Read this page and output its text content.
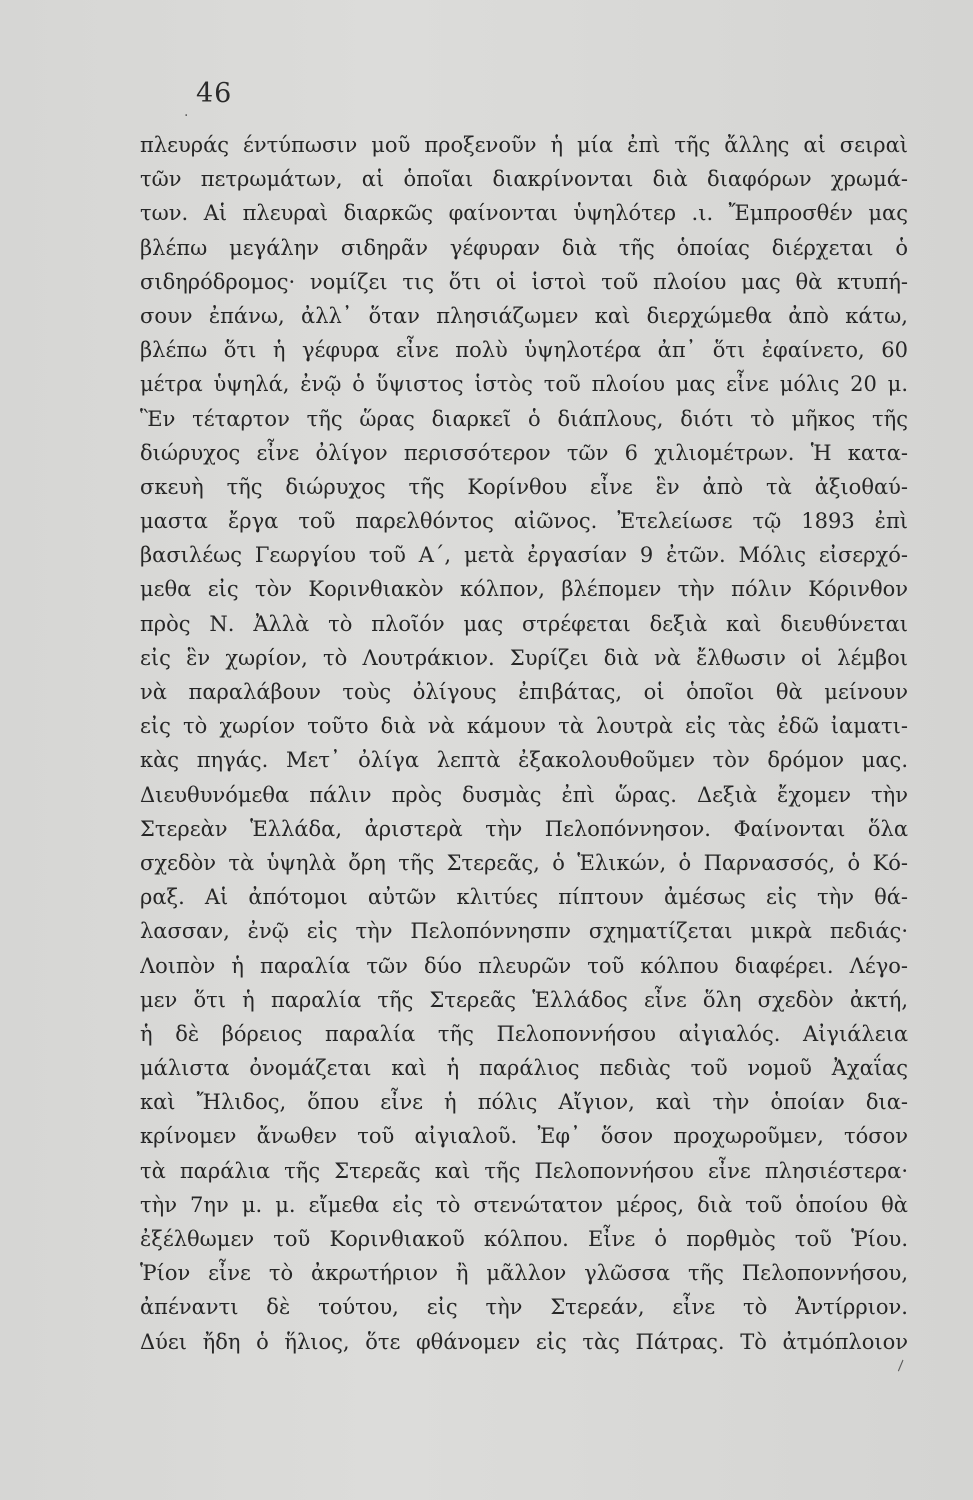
46
πλευράς έντύπωσιν μοῦ προξενοῦν ἡ μία ἐπὶ τῆς ἄλλης αἱ σειραὶ
τῶν πετρωμάτων, αἱ ὁποῖαι διακρίνονται διὰ διαφόρων χρωμά-
των. Αἱ πλευραὶ διαρκῶς φαίνονται ὑψηλότερ .ι. Ἔμπροσθέν μας
βλέπω μεγάλην σιδηρᾶν γέφυραν διὰ τῆς ὁποίας διέρχεται ὁ
σιδηρόδρομος· νομίζει τις ὅτι οἱ ἱστοὶ τοῦ πλοίου μας θὰ κτυπή-
σουν ἐπάνω, ἀλλ᾽ ὅταν πλησιάζωμεν καὶ διερχώμεθα ἀπὸ κάτω,
βλέπω ὅτι ἡ γέφυρα εἶνε πολὺ ὑψηλοτέρα ἀπ᾽ ὅτι ἐφαίνετο, 60
μέτρα ὑψηλά, ἐνῷ ὁ ὕψιστος ἱστὸς τοῦ πλοίου μας εἶνε μόλις 20 μ.
Ἓν τέταρτον τῆς ὥρας διαρκεῖ ὁ διάπλους, διότι τὸ μῆκος τῆς
διώρυχος εἶνε ὀλίγον περισσότερον τῶν 6 χιλιομέτρων. Ἡ κατα-
σκευὴ τῆς διώρυχος τῆς Κορίνθου εἶνε ἓν ἀπὸ τὰ ἀξιοθαύ-
μαστα ἔργα τοῦ παρελθόντος αἰῶνος. Ἐτελείωσε τῷ 1893 ἐπὶ
βασιλέως Γεωργίου τοῦ Α΄, μετὰ ἐργασίαν 9 ἐτῶν. Μόλις εἰσερχό-
μεθα εἰς τὸν Κορινθιακὸν κόλπον, βλέπομεν τὴν πόλιν Κόρινθον
πρὸς Ν. Ἀλλὰ τὸ πλοῖόν μας στρέφεται δεξιὰ καὶ διευθύνεται
εἰς ἓν χωρίον, τὸ Λουτράκιον. Συρίζει διὰ νὰ ἔλθωσιν οἱ λέμβοι
νὰ παραλάβουν τοὺς ὀλίγους ἐπιβάτας, οἱ ὁποῖοι θὰ μείνουν
εἰς τὸ χωρίον τοῦτο διὰ νὰ κάμουν τὰ λουτρὰ εἰς τὰς ἐδῶ ἰαματι-
κὰς πηγάς. Μετ᾽ ὀλίγα λεπτὰ ἐξακολουθοῦμεν τὸν δρόμον μας.
Διευθυνόμεθα πάλιν πρὸς δυσμὰς ἐπὶ ὥρας. Δεξιὰ ἔχομεν τὴν
Στερεὰν Ἑλλάδα, ἀριστερὰ τὴν Πελοπόννησον. Φαίνονται ὅλα
σχεδὸν τὰ ὑψηλὰ ὄρη τῆς Στερεᾶς, ὁ Ἑλικών, ὁ Παρνασσός, ὁ Κό-
ραξ. Αἱ ἀπότομοι αὐτῶν κλιτύες πίπτουν ἀμέσως εἰς τὴν θά-
λασσαν, ἐνῷ εἰς τὴν Πελοπόννησπν σχηματίζεται μικρὰ πεδιάς·
Λοιπὸν ἡ παραλία τῶν δύο πλευρῶν τοῦ κόλπου διαφέρει. Λέγο-
μεν ὅτι ἡ παραλία τῆς Στερεᾶς Ἑλλάδος εἶνε ὅλη σχεδὸν ἀκτή,
ἡ δὲ βόρειος παραλία τῆς Πελοποννήσου αἰγιαλός. Αἰγιάλεια
μάλιστα ὀνομάζεται καὶ ἡ παράλιος πεδιὰς τοῦ νομοῦ Ἀχαΐας
καὶ Ἤλιδος, ὅπου εἶνε ἡ πόλις Αἴγιον, καὶ τὴν ὁποίαν δια-
κρίνομεν ἄνωθεν τοῦ αἰγιαλοῦ. Ἐφ᾽ ὅσον προχωροῦμεν, τόσον
τὰ παράλια τῆς Στερεᾶς καὶ τῆς Πελοποννήσου εἶνε πλησιέστερα·
τὴν 7ην μ. μ. εἴμεθα εἰς τὸ στενώτατον μέρος, διὰ τοῦ ὁποίου θὰ
ἐξέλθωμεν τοῦ Κορινθιακοῦ κόλπου. Εἶνε ὁ πορθμὸς τοῦ Ῥίου.
Ῥίον εἶνε τὸ ἀκρωτήριον ἢ μᾶλλον γλῶσσα τῆς Πελοποννήσου,
ἀπέναντι δὲ τούτου, εἰς τὴν Στερεάν, εἶνε τὸ Ἀντίρριον.
Δύει ἤδη ὁ ἥλιος, ὅτε φθάνομεν εἰς τὰς Πάτρας. Τὸ ἀτμόπλοιον
·
\
